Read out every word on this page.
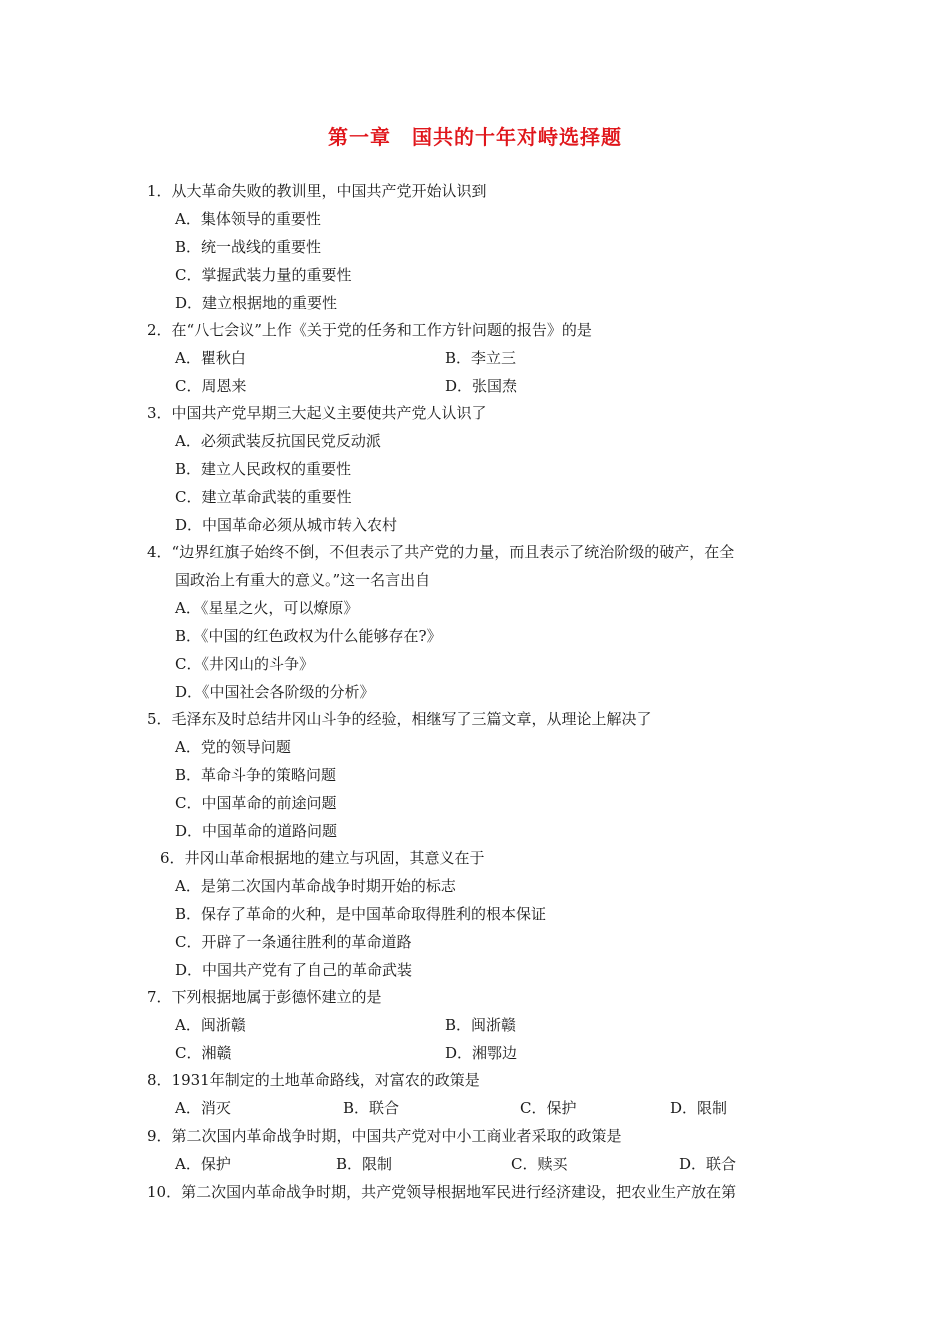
第一章　国共的十年对峙选择题
1．从大革命失败的教训里，中国共产党开始认识到
A．集体领导的重要性
B．统一战线的重要性
C．掌握武装力量的重要性
D．建立根据地的重要性
2．在“八七会议”上作《关于党的任务和工作方针问题的报告》的是
A．瞿秋白	B．李立三
C．周恩来	D．张国焘
3．中国共产党早期三大起义主要使共产党人认识了
A．必须武装反抗国民党反动派
B．建立人民政权的重要性
C．建立革命武装的重要性
D．中国革命必须从城市转入农村
4．“边界红旗子始终不倒，不但表示了共产党的力量，而且表示了统治阶级的破产，在全
国政治上有重大的意义。”这一名言出自
A．《星星之火，可以燎原》
B．《中国的红色政权为什么能够存在?》
C．《井冈山的斗争》
D．《中国社会各阶级的分析》
5．毛泽东及时总结井冈山斗争的经验，相继写了三篇文章，从理论上解决了
A．党的领导问题
B．革命斗争的策略问题
C．中国革命的前途问题
D．中国革命的道路问题
6．井冈山革命根据地的建立与巩固，其意义在于
A．是第二次国内革命战争时期开始的标志
B．保存了革命的火种，是中国革命取得胜利的根本保证
C．开辟了一条通往胜利的革命道路
D．中国共产党有了自己的革命武装
7．下列根据地属于彭德怀建立的是
A．闽浙赣	B．闽浙赣
C．湘赣	D．湘鄂边
8．1931年制定的土地革命路线，对富农的政策是
A．消灭	B．联合	C．保护	D．限制
9．第二次国内革命战争时期，中国共产党对中小工商业者采取的政策是
A．保护	B．限制	C．赎买	D．联合
10．第二次国内革命战争时期，共产党领导根据地军民进行经济建设，把农业生产放在第
